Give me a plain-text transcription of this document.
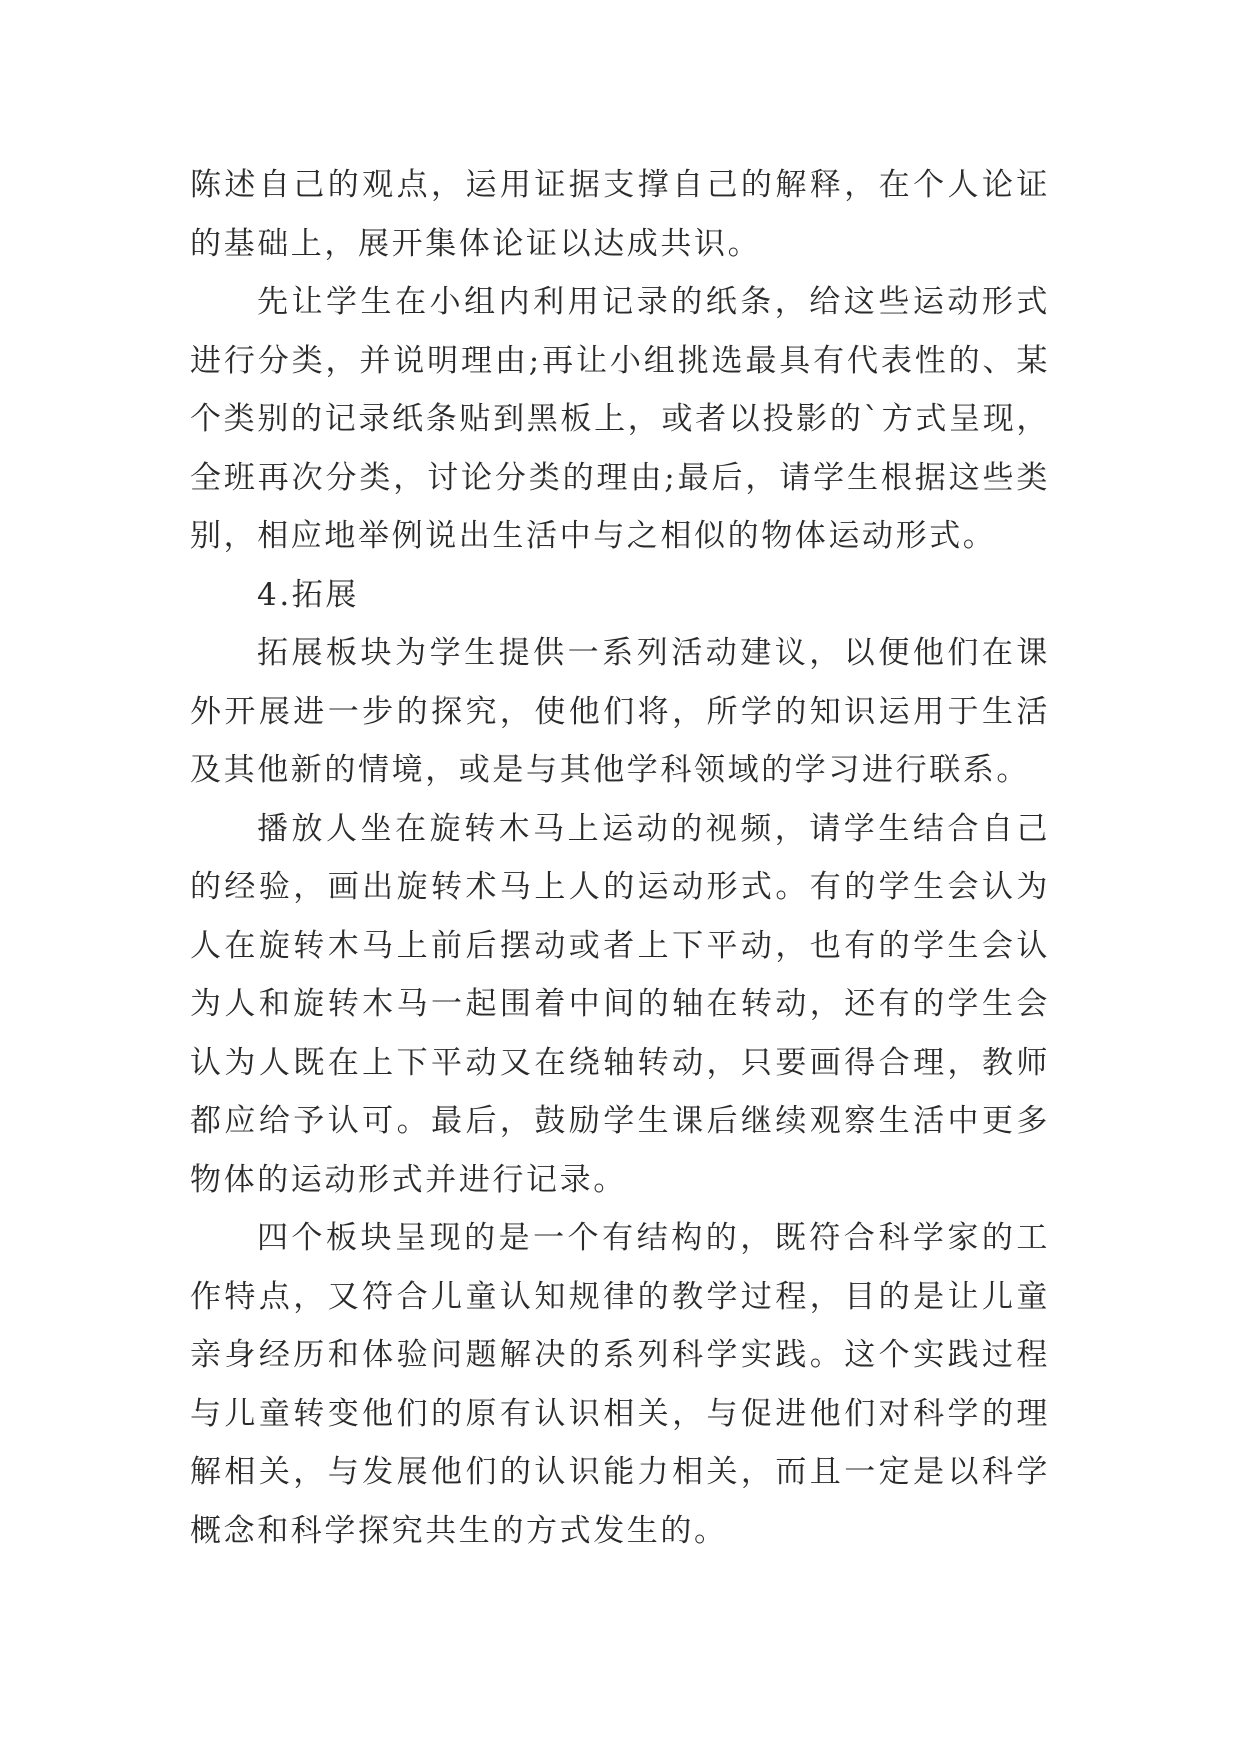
陈述自己的观点，运用证据支撑自己的解释，在个人论证的基础上，展开集体论证以达成共识。

先让学生在小组内利用记录的纸条，给这些运动形式进行分类，并说明理由;再让小组挑选最具有代表性的、某个类别的记录纸条贴到黑板上，或者以投影的`方式呈现，全班再次分类，讨论分类的理由;最后，请学生根据这些类别，相应地举例说出生活中与之相似的物体运动形式。

4.拓展

拓展板块为学生提供一系列活动建议，以便他们在课外开展进一步的探究，使他们将，所学的知识运用于生活及其他新的情境，或是与其他学科领域的学习进行联系。

播放人坐在旋转木马上运动的视频，请学生结合自己的经验，画出旋转术马上人的运动形式。有的学生会认为人在旋转木马上前后摆动或者上下平动，也有的学生会认为人和旋转木马一起围着中间的轴在转动，还有的学生会认为人既在上下平动又在绕轴转动，只要画得合理，教师都应给予认可。最后，鼓励学生课后继续观察生活中更多物体的运动形式并进行记录。

四个板块呈现的是一个有结构的，既符合科学家的工作特点，又符合儿童认知规律的教学过程，目的是让儿童亲身经历和体验问题解决的系列科学实践。这个实践过程与儿童转变他们的原有认识相关，与促进他们对科学的理解相关，与发展他们的认识能力相关，而且一定是以科学概念和科学探究共生的方式发生的。
